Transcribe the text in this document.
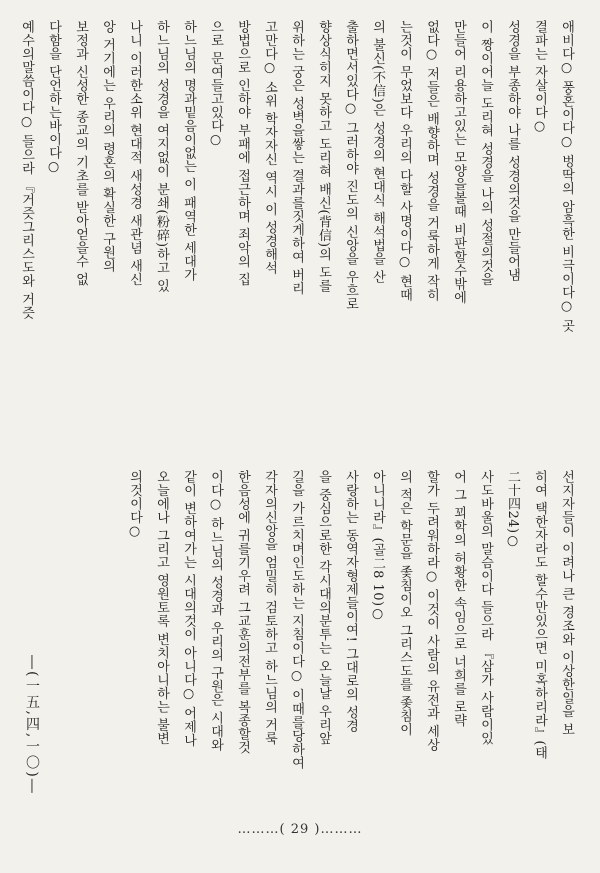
애비다○ 풍혼이다○ 벙딱의 암흑한 비극이다○ 곳
결파는 자살이다○
성경을 부종하야 나를 성경의것을 만들어냄
이 짱이어늘 도리혀 성경을 나의 성절의것을
만들어 리용하고있는 모양을볼때 비판할수밖에
없다○ 저들은 배향하며 성경을 거룩하게 작히
는것이 무었보다 우리의 다할 사명이다○ 현때
의 불신(不信)은 성경의 현대식 해석법을 산
출하면서있다○ 그러하야 진도의 신앙을 우흐로
향상식히지 못하고 도리혀 배신(背信)의 도를
위하는 궁은 성벽을쌓는 결과를짓게하여 버리
고만다○ 소위 학자자신 역시 이 성경해석
방법으로 인하야 부패에 접근하며 죄악의 집
으로 문여들고있다○
하느님의 명과밑음이없는 이 패역한 세대가
하느님의 성경을 여지없이 분쇄(粉碎)하고 있
나니 이러한소위 현대적 새성경 새관념 새신
앙 거기에는 우리의 령혼의 확실한 구원의
보정과 신성한 종교의 기초를 받아얻을수 없
다함을 단언하는바이다○
예수의말씀이다○ 들으라 『거즛그리스도와 거즛
선지자들이 이려나 큰 경조와 이상한일을 보
히여 택한자라도 할수만있으면 미혹하리라』(태
二十四24)○
사도바울의 말슴이다 들으라 『삼가 사람이있
어 그 꾀학의 허황한 속임으로 너희를 로략
할가 두려워하라○ 이것이 사람의 유전과 세상
의 적은 학문을 좇침이오 그리스도를 좇침이
아니니라』(골二8 10)○
사랑하는 동역자형제들이여! 그대로의 성경
을 중심으로한 각시대의분투는 오늘날 우리앞
길을 가르치며인도하는 지침이다○ 이때를당하여
각자의신앙을 엄밀히 검토하고 하느님의 거룩
한음성에 귀를기우려 그교훈의전부를 복종할것
이다○ 하느님의 성경과 우리의 구원은 시대와
같이 변하여가는 시대의것이 아니다○ 어제나
오늘에나 그리고 영원토록 변치아니하는 불변
의것이다○
―(一五,四,一〇)―
………( 29 )………
